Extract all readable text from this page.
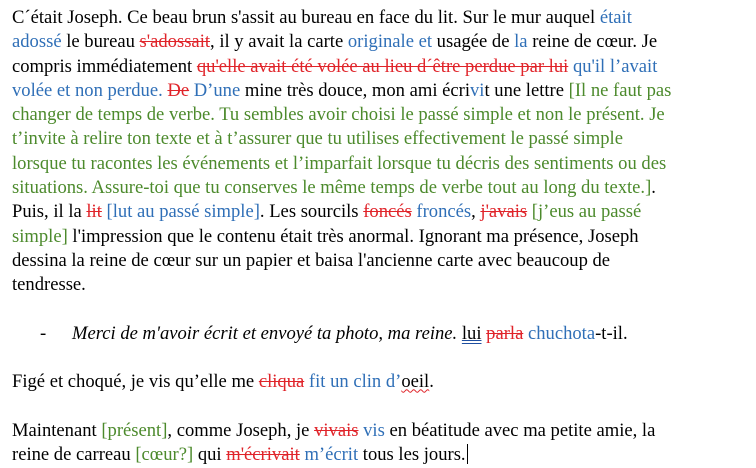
C´était Joseph. Ce beau brun s'assit au bureau en face du lit. Sur le mur auquel était
adossé le bureau s'adossait, il y avait la carte originale et usagée de la reine de cœur. Je
compris immédiatement qu'elle avait été volée au lieu d´être perdue par lui qu'il l’avait
volée et non perdue. De D’une mine très douce, mon ami écrivit une lettre [Il ne faut pas
changer de temps de verbe. Tu sembles avoir choisi le passé simple et non le présent. Je
t’invite à relire ton texte et à t’assurer que tu utilises effectivement le passé simple
lorsque tu racontes les événements et l’imparfait lorsque tu décris des sentiments ou des
situations. Assure-toi que tu conserves le même temps de verbe tout au long du texte.].
Puis, il la lit [lut au passé simple]. Les sourcils foncés froncés, j'avais [j’eus au passé
simple] l'impression que le contenu était très anormal. Ignorant ma présence, Joseph
dessina la reine de cœur sur un papier et baisa l'ancienne carte avec beaucoup de
tendresse.
- Merci de m'avoir écrit et envoyé ta photo, ma reine. lui parla chuchota-t-il.
Figé et choqué, je vis qu’elle me cliqua fit un clin d’oeil.
Maintenant [présent], comme Joseph, je vivais vis en béatitude avec ma petite amie, la
reine de carreau [cœur?] qui m'écrivait m’écrit tous les jours.
